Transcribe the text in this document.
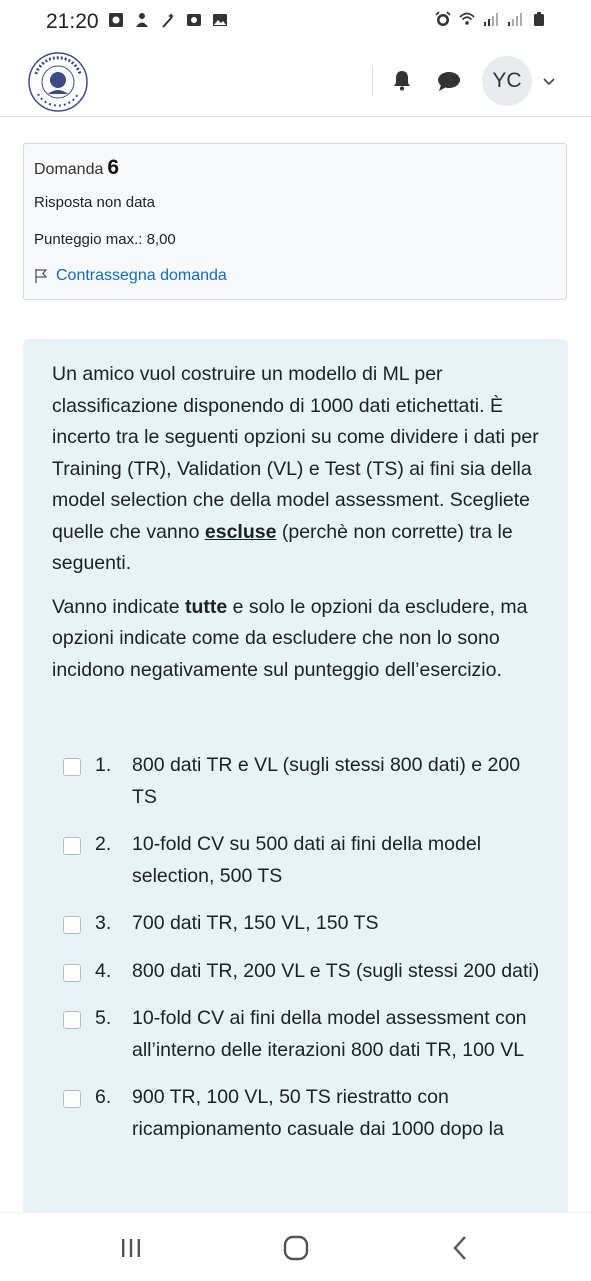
21:20
YC
Domanda 6
Risposta non data
Punteggio max.: 8,00
Contrassegna domanda

Un amico vuol costruire un modello di ML per classificazione disponendo di 1000 dati etichettati. È incerto tra le seguenti opzioni su come dividere i dati per Training (TR), Validation (VL) e Test (TS) ai fini sia della model selection che della model assessment. Scegliete quelle che vanno escluse (perchè non corrette) tra le seguenti.

Vanno indicate tutte e solo le opzioni da escludere, ma opzioni indicate come da escludere che non lo sono incidono negativamente sul punteggio dell’esercizio.

1. 800 dati TR e VL (sugli stessi 800 dati) e 200 TS
2. 10-fold CV su 500 dati ai fini della model selection, 500 TS
3. 700 dati TR, 150 VL, 150 TS
4. 800 dati TR, 200 VL e TS (sugli stessi 200 dati)
5. 10-fold CV ai fini della model assessment con all’interno delle iterazioni 800 dati TR, 100 VL
6. 900 TR, 100 VL, 50 TS riestratto con ricampionamento casuale dai 1000 dopo la
